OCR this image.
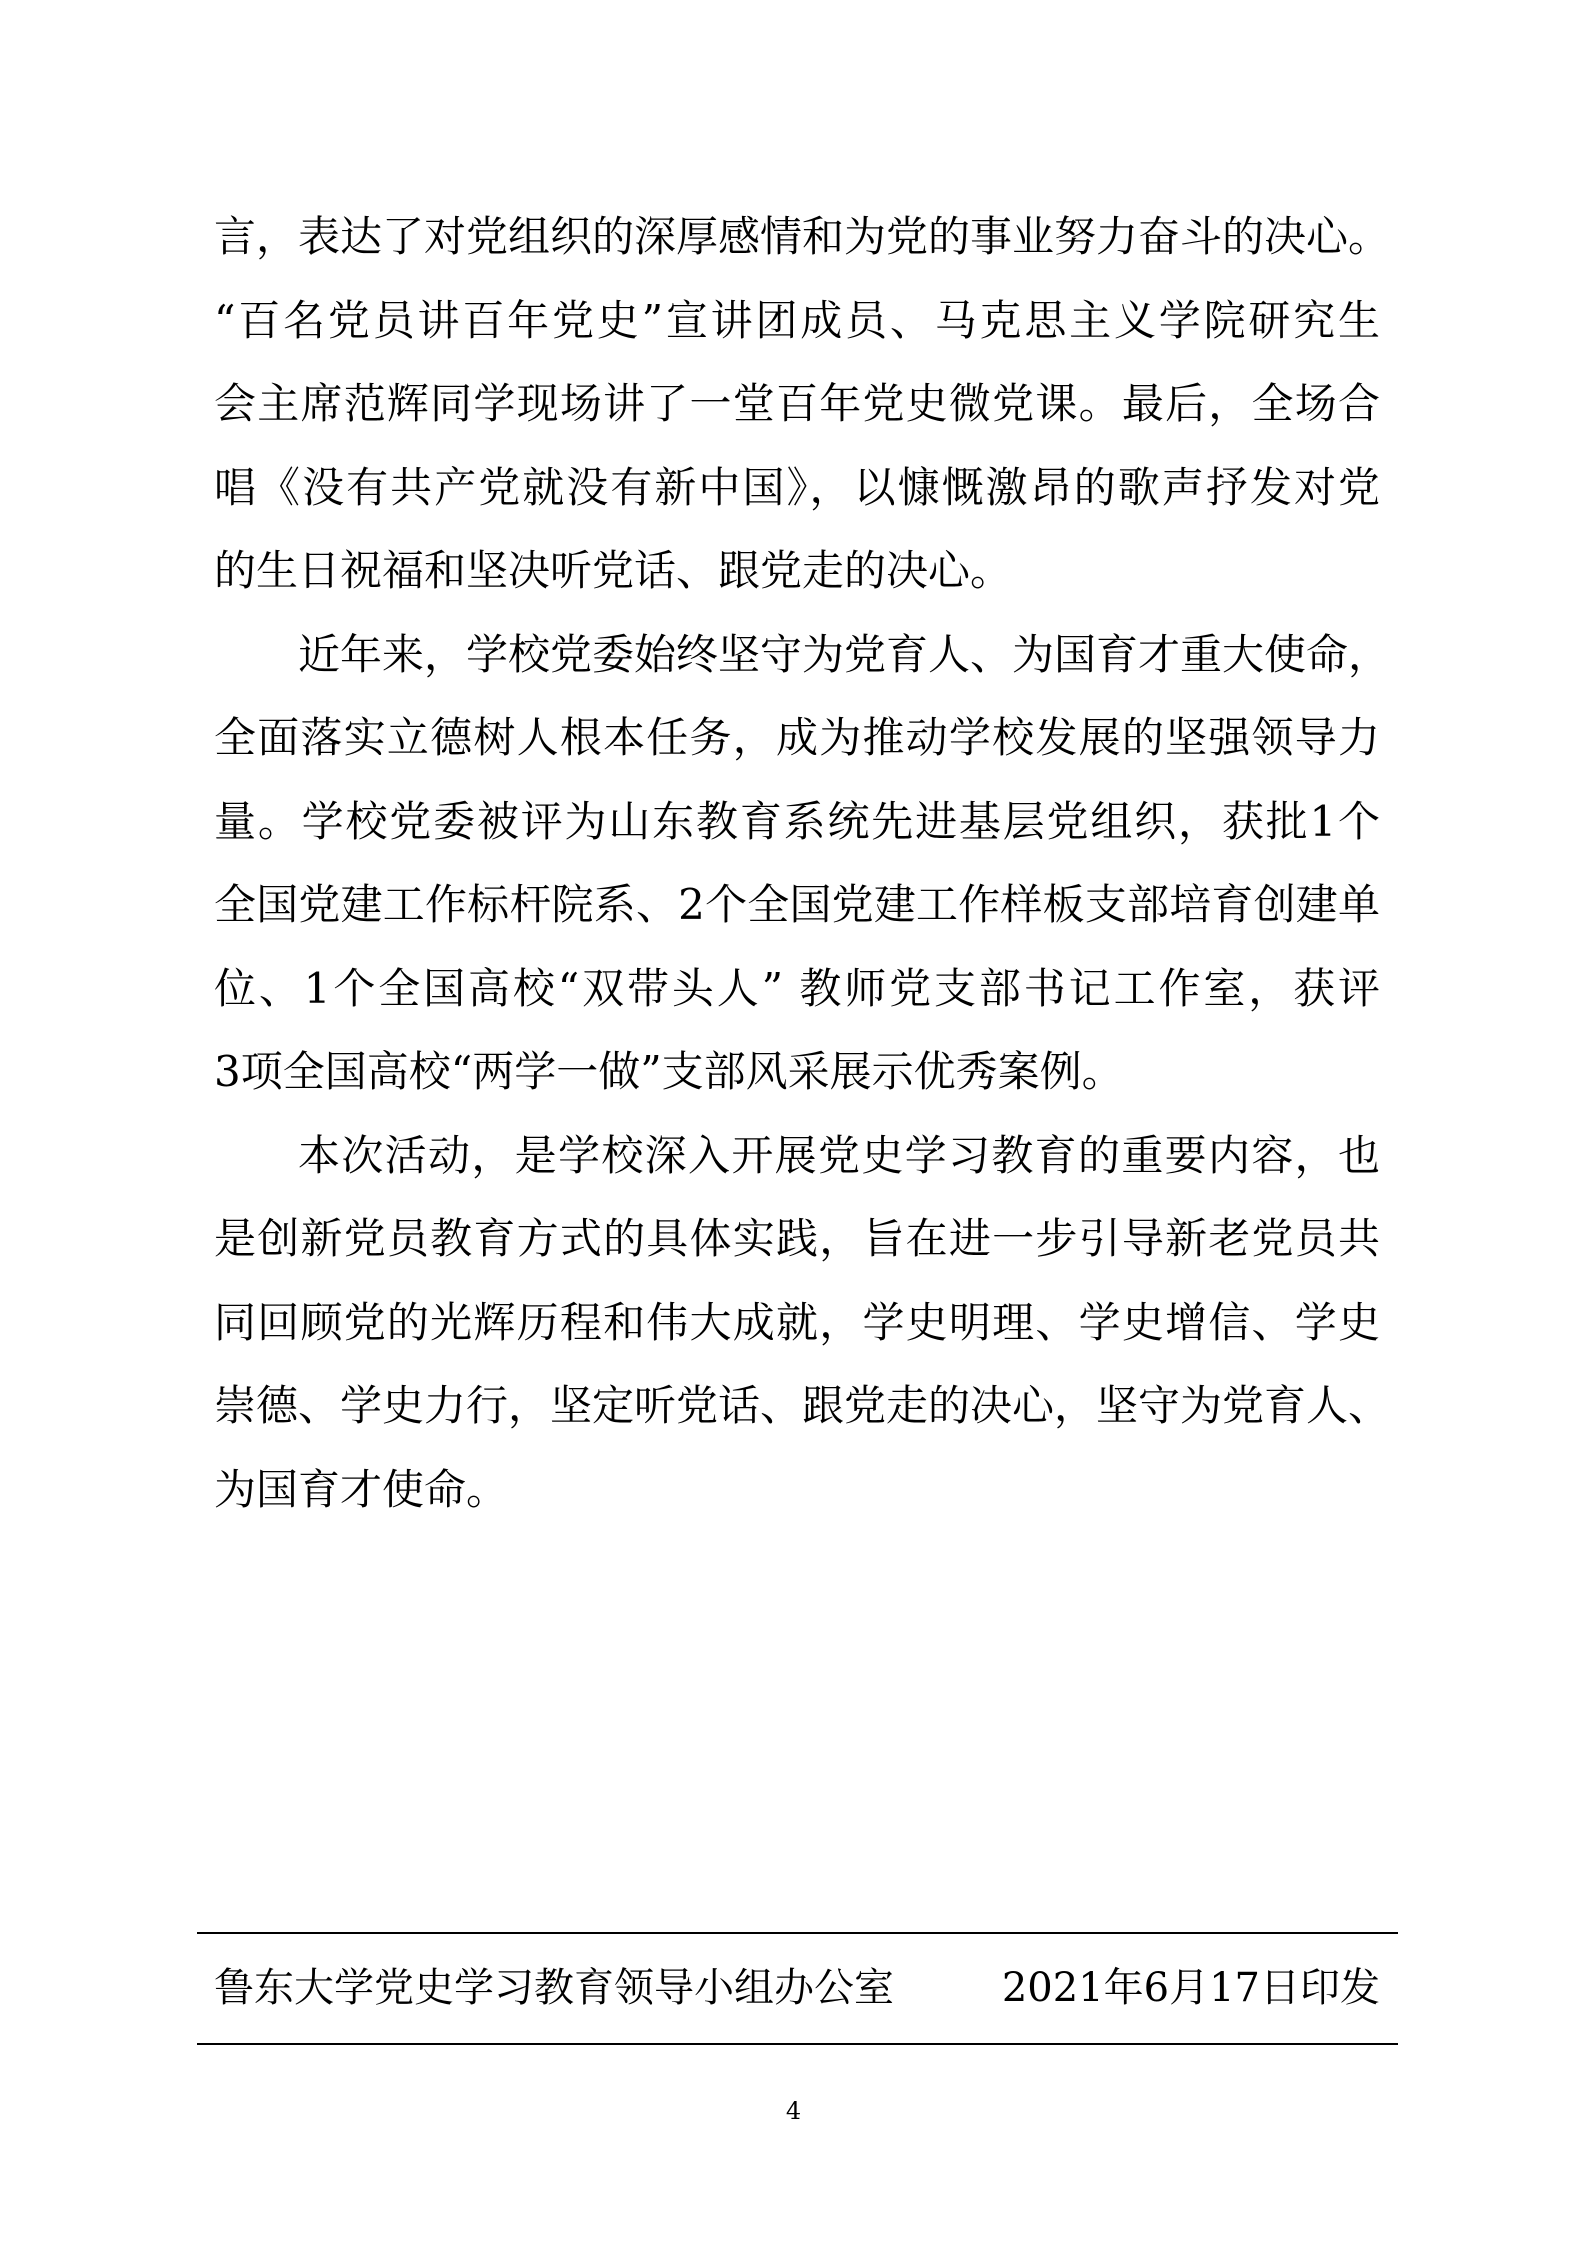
言，表达了对党组织的深厚感情和为党的事业努力奋斗的决心。
“百名党员讲百年党史”宣讲团成员、马克思主义学院研究生
会主席范辉同学现场讲了一堂百年党史微党课。最后，全场合
唱《没有共产党就没有新中国》，以慷慨激昂的歌声抒发对党
的生日祝福和坚决听党话、跟党走的决心。
近年来，学校党委始终坚守为党育人、为国育才重大使命，
全面落实立德树人根本任务，成为推动学校发展的坚强领导力
量。学校党委被评为山东教育系统先进基层党组织，获批1个
全国党建工作标杆院系、2个全国党建工作样板支部培育创建单
位、1个全国高校“双带头人” 教师党支部书记工作室，获评
3项全国高校“两学一做”支部风采展示优秀案例。
本次活动，是学校深入开展党史学习教育的重要内容，也
是创新党员教育方式的具体实践，旨在进一步引导新老党员共
同回顾党的光辉历程和伟大成就，学史明理、学史增信、学史
崇德、学史力行，坚定听党话、跟党走的决心，坚守为党育人、
为国育才使命。
鲁东大学党史学习教育领导小组办公室	2021年6月17日印发
4
